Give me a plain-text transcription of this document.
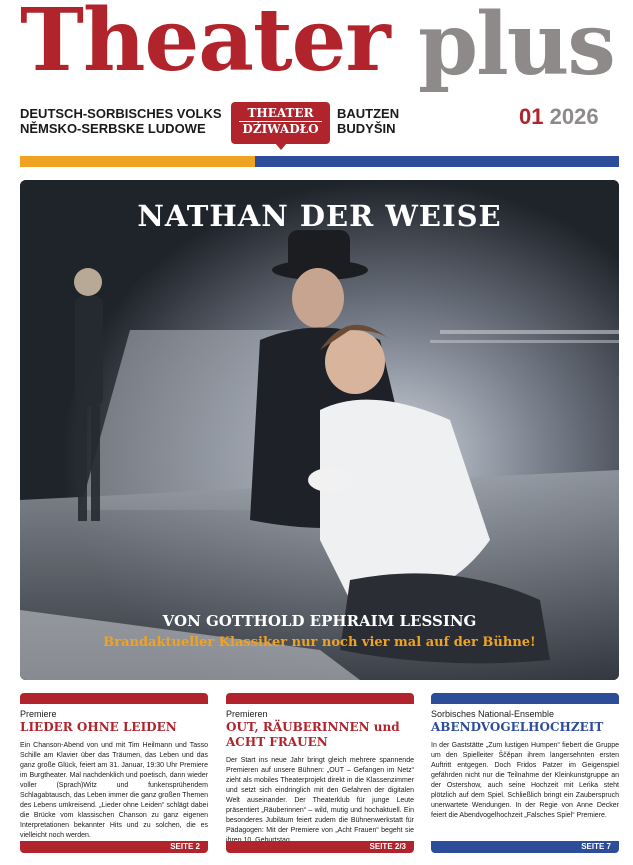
Theater plus
DEUTSCH-SORBISCHES VOLKS
NĚMSKO-SERBSKE LUDOWE
THEATER
DŹIWADŁO
BAUTZEN
BUDYŠIN	01 2026
NATHAN DER WEISE
VON GOTTHOLD EPHRAIM LESSING
Brandaktueller Klassiker nur noch vier mal auf der Bühne!
Premiere
LIEDER OHNE LEIDEN
Ein Chanson-Abend von und mit Tim Heilmann und Tasso Schille am Klavier über das Träumen, das Leben und das ganz große Glück, feiert am 31. Januar, 19:30 Uhr Premiere im Burgtheater. Mal nachdenklich und poetisch, dann wieder voller (Sprach)Witz und funkensprühendem Schlagabtausch, das Leben immer die ganz großen Themen des Lebens umkreisend. „Lieder ohne Leiden“ schlägt dabei die Brücke vom klassischen Chanson zu ganz eigenen Interpretationen bekannter Hits und zu solchen, die es vielleicht noch werden.
SEITE 2
Premieren
OUT, RÄUBERINNEN und ACHT FRAUEN
Der Start ins neue Jahr bringt gleich mehrere spannende Premieren auf unsere Bühnen: „OUT – Gefangen im Netz“ zieht als mobiles Theaterprojekt direkt in die Klassenzimmer und setzt sich eindringlich mit den Gefahren der digitalen Welt auseinander. Der Theaterklub für junge Leute präsentiert „Räuberinnen“ – wild, mutig und hochaktuell. Ein besonderes Jubiläum feiert zudem die Bühnenwerkstatt für Pädagogen: Mit der Premiere von „Acht Frauen“ begeht sie
SEITE 2/3
Sorbisches National-Ensemble
ABENDVOGELHOCHZEIT
In der Gaststätte „Zum lustigen Humpen“ fiebert die Gruppe um den Spielleiter Ščěpan ihrem langersehnten ersten Auftritt entgegen. Doch Fridos Patzer im Geigenspiel gefährden nicht nur die Teilnahme der Kleinkunstgruppe an der Ostershow, auch seine Hochzeit mit Leńka steht plötzlich auf dem Spiel. Schließlich bringt ein Zauberspruch unerwartete Wendungen. In der Regie von Anne Decker feiert die Abendvogelhochzeit „Falsches Spiel“ Premiere.
SEITE 7
